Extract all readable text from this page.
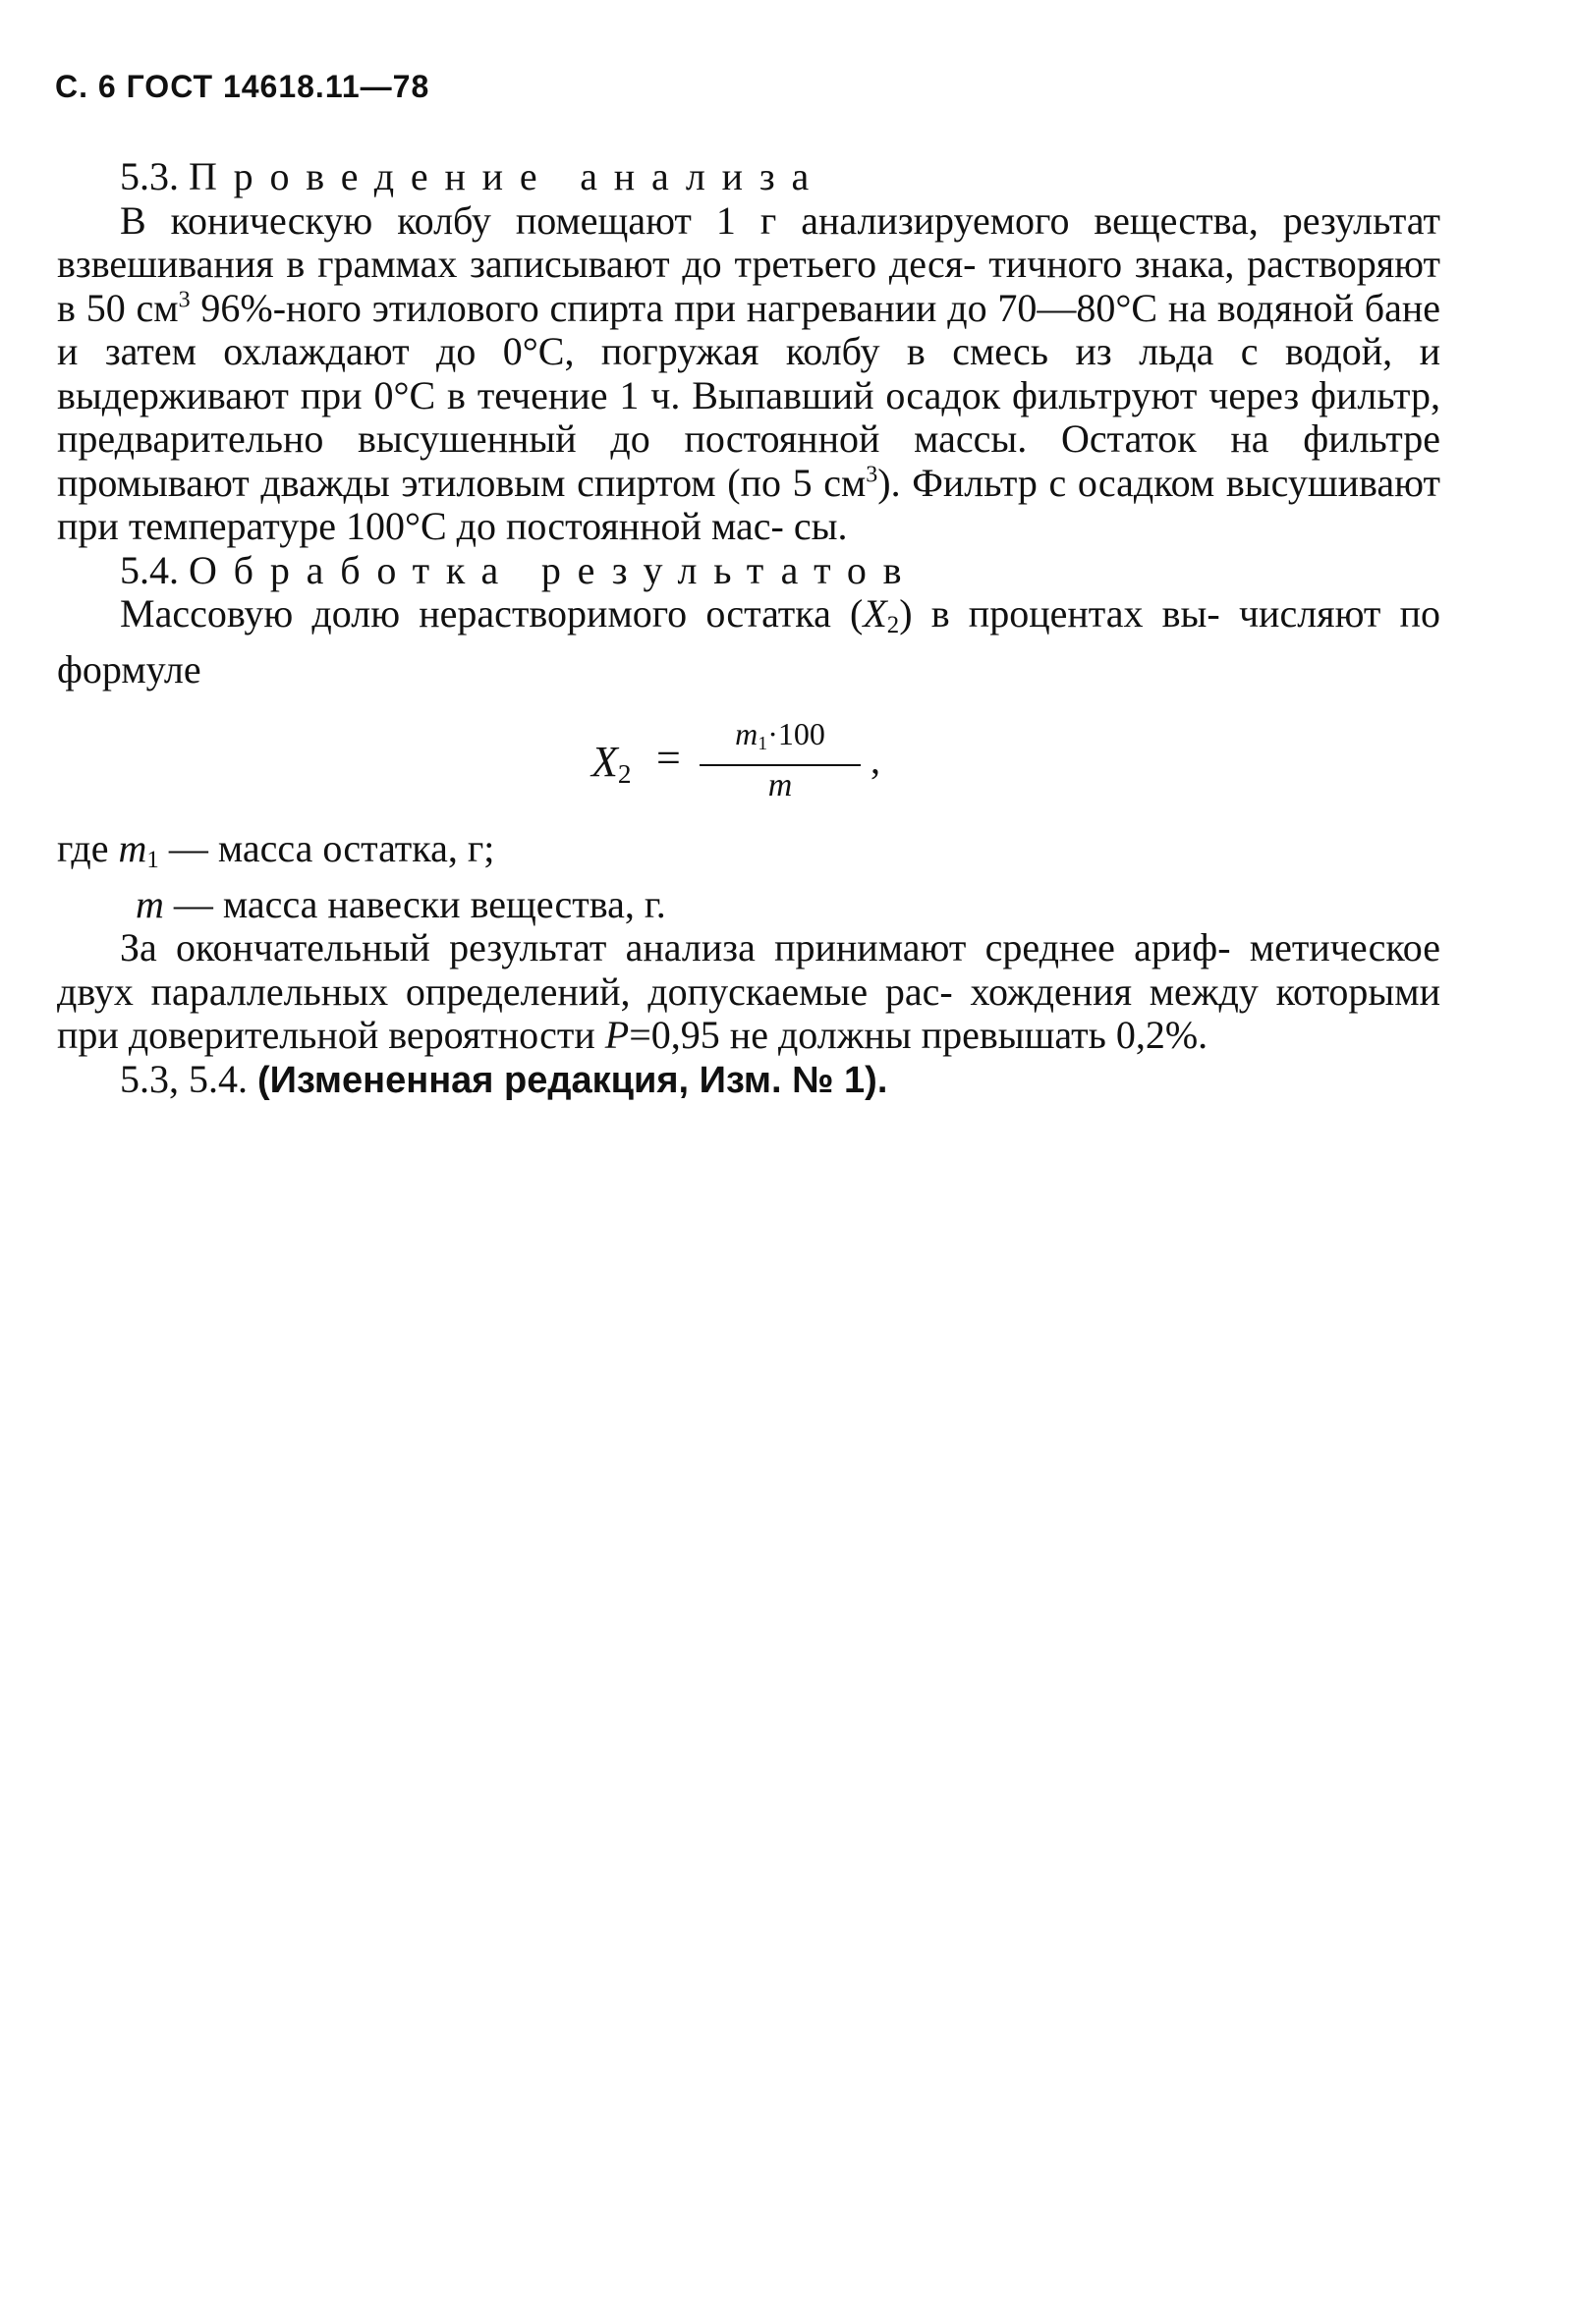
С. 6 ГОСТ 14618.11—78

5.3. Проведение анализа

В коническую колбу помещают 1 г анализируемого вещества, результат взвешивания в граммах записывают до третьего деся- тичного знака, растворяют в 50 $см^3$ 96%-ного этилового спирта при нагревании до 70—80°С на водяной бане и затем охлаждают до 0°С, погружая колбу в смесь из льда с водой, и выдерживают при 0°С в течение 1 ч. Выпавший осадок фильтруют через фильтр, предварительно высушенный до постоянной массы. Остаток на фильтре промывают дважды этиловым спиртом (по 5 $см^3$). Фильтр с осадком высушивают при температуре 100°С до постоянной мас- сы.

5.4. Обработка результатов

Массовую долю нерастворимого остатка $(X_2)$ в процентах вы- числяют по формуле

$X_2 = \frac{m_1\cdot 100}{m}$ ,

где $m_1$ — масса остатка, г;

m — масса навески вещества, г.

За окончательный результат анализа принимают среднее ариф- метическое двух параллельных определений, допускаемые рас- хождения между которыми при доверительной вероятности P=0,95 не должны превышать 0,2%.

5.3, 5.4. (Измененная редакция, Изм. № 1).
